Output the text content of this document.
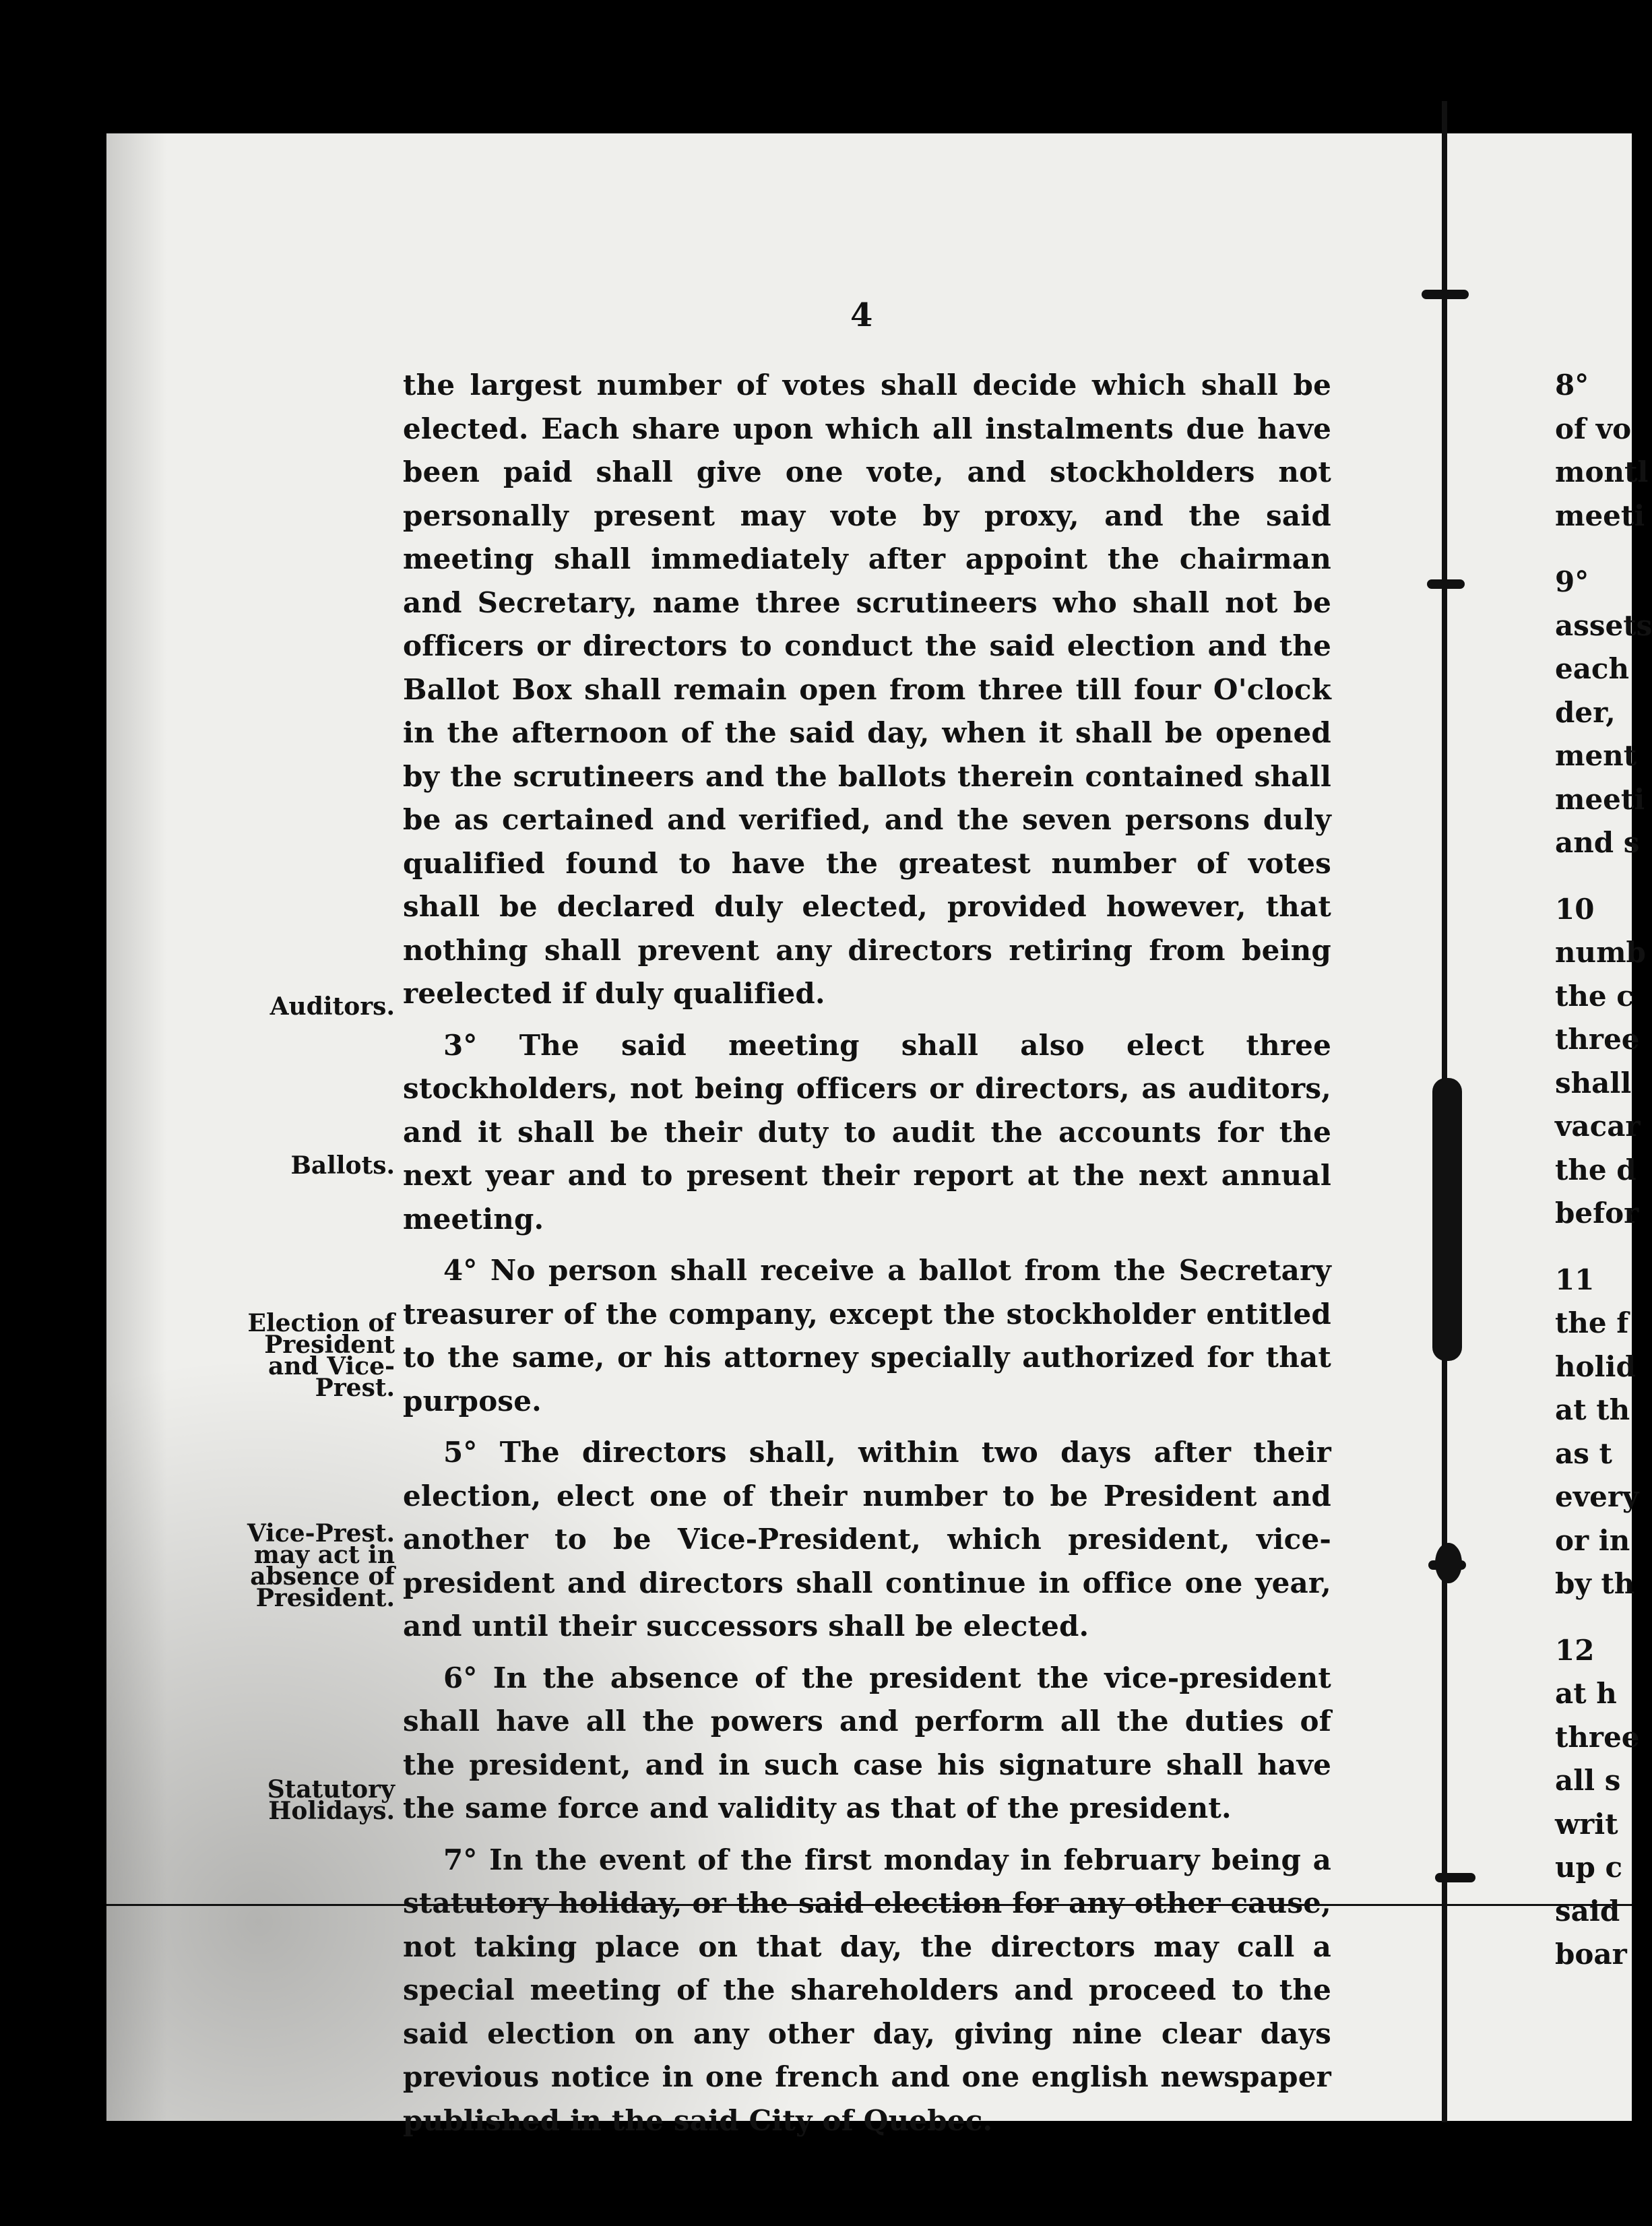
4

the largest number of votes shall decide which shall be elected. Each share upon which all instalments due have been paid shall give one vote, and stockholders not personally present may vote by proxy, and the said meeting shall immediately after appoint the chairman and Secretary, name three scrutineers who shall not be officers or directors to conduct the said election and the Ballot Box shall remain open from three till four O'clock in the afternoon of the said day, when it shall be opened by the scrutineers and the ballots therein contained shall be as certained and verified, and the seven persons duly qualified found to have the greatest number of votes shall be declared duly elected, provided however, that nothing shall prevent any directors retiring from being reelected if duly qualified.

3° The said meeting shall also elect three stockholders, not being officers or directors, as auditors, and it shall be their duty to audit the accounts for the next year and to present their report at the next annual meeting.

4° No person shall receive a ballot from the Secretary treasurer of the company, except the stockholder entitled to the same, or his attorney specially authorized for that purpose.

5° The directors shall, within two days after their election, elect one of their number to be President and another to be Vice-President, which president, vice-president and directors shall continue in office one year, and until their successors shall be elected.

6° In the absence of the president the vice-president shall have all the powers and perform all the duties of the president, and in such case his signature shall have the same force and validity as that of the president.

7° In the event of the first monday in february being a statutory holiday, or the said election for any other cause, not taking place on that day, the directors may call a special meeting of the shareholders and proceed to the said election on any other day, giving nine clear days previous notice in one french and one english newspaper published in the said City of Quebec.

Auditors.
Ballots.
Election of President and Vice-Prest.
Vice-Prest. may act in absence of President.
Statutory Holidays.
8°
of vo
montl
meeti
9°
assets
each
der,
ment
meeti
and s
10
numb
the c
three
shall
vacar
the d
befor
11
the f
holid
at th
as t
every
or in
by th
12
at h
three
all s
writ
up c
said
boar
